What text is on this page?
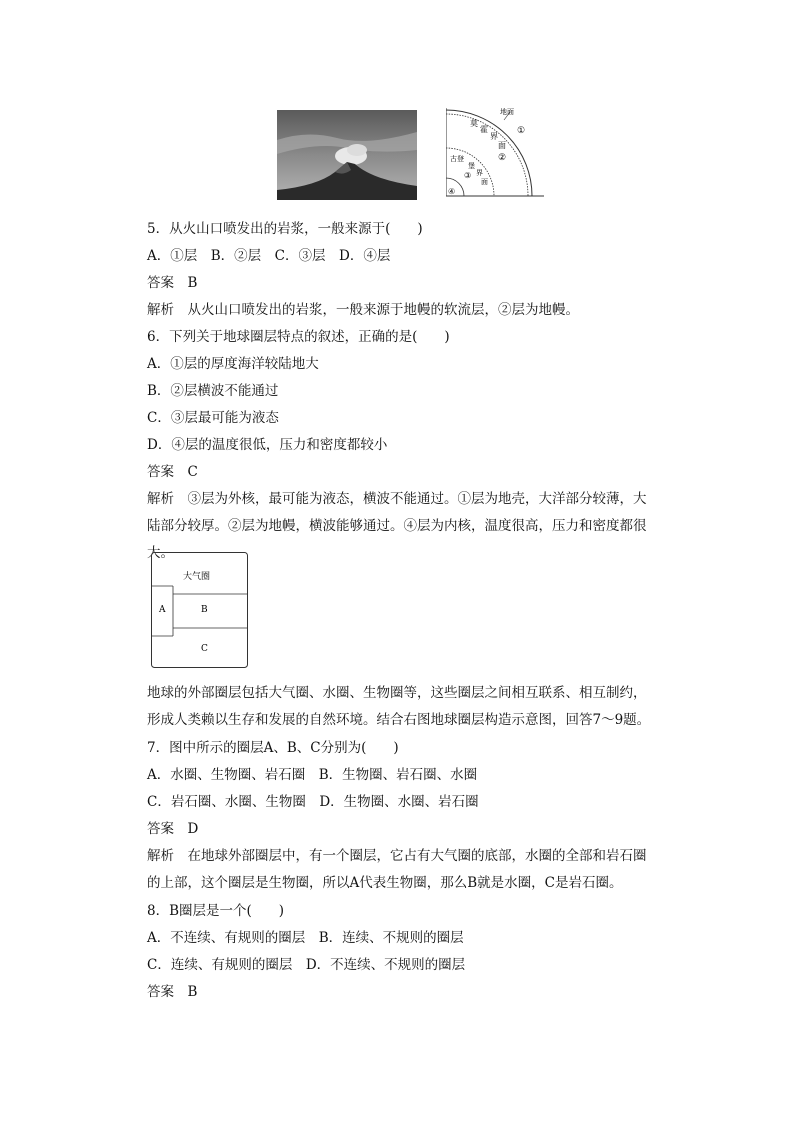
地面
莫
霍
界
面
①
②
古登
堡
界
面
③
④
5．从火山口喷发出的岩浆，一般来源于(　　)
A．①层　B．②层　C．③层　D．④层
答案　B
解析　从火山口喷发出的岩浆，一般来源于地幔的软流层，②层为地幔。
6．下列关于地球圈层特点的叙述，正确的是(　　)
A．①层的厚度海洋较陆地大
B．②层横波不能通过
C．③层最可能为液态
D．④层的温度很低，压力和密度都较小
答案　C
解析　③层为外核，最可能为液态，横波不能通过。①层为地壳，大洋部分较薄，大陆部分较厚。②层为地幔，横波能够通过。④层为内核，温度很高，压力和密度都很大。
大气圈
A	B
C
地球的外部圈层包括大气圈、水圈、生物圈等，这些圈层之间相互联系、相互制约，形成人类赖以生存和发展的自然环境。结合右图地球圈层构造示意图，回答7～9题。
7．图中所示的圈层A、B、C分别为(　　)
A．水圈、生物圈、岩石圈　B．生物圈、岩石圈、水圈
C．岩石圈、水圈、生物圈　D．生物圈、水圈、岩石圈
答案　D
解析　在地球外部圈层中，有一个圈层，它占有大气圈的底部，水圈的全部和岩石圈的上部，这个圈层是生物圈，所以A代表生物圈，那么B就是水圈，C是岩石圈。
8．B圈层是一个(　　)
A．不连续、有规则的圈层　B．连续、不规则的圈层
C．连续、有规则的圈层　D．不连续、不规则的圈层
答案　B
